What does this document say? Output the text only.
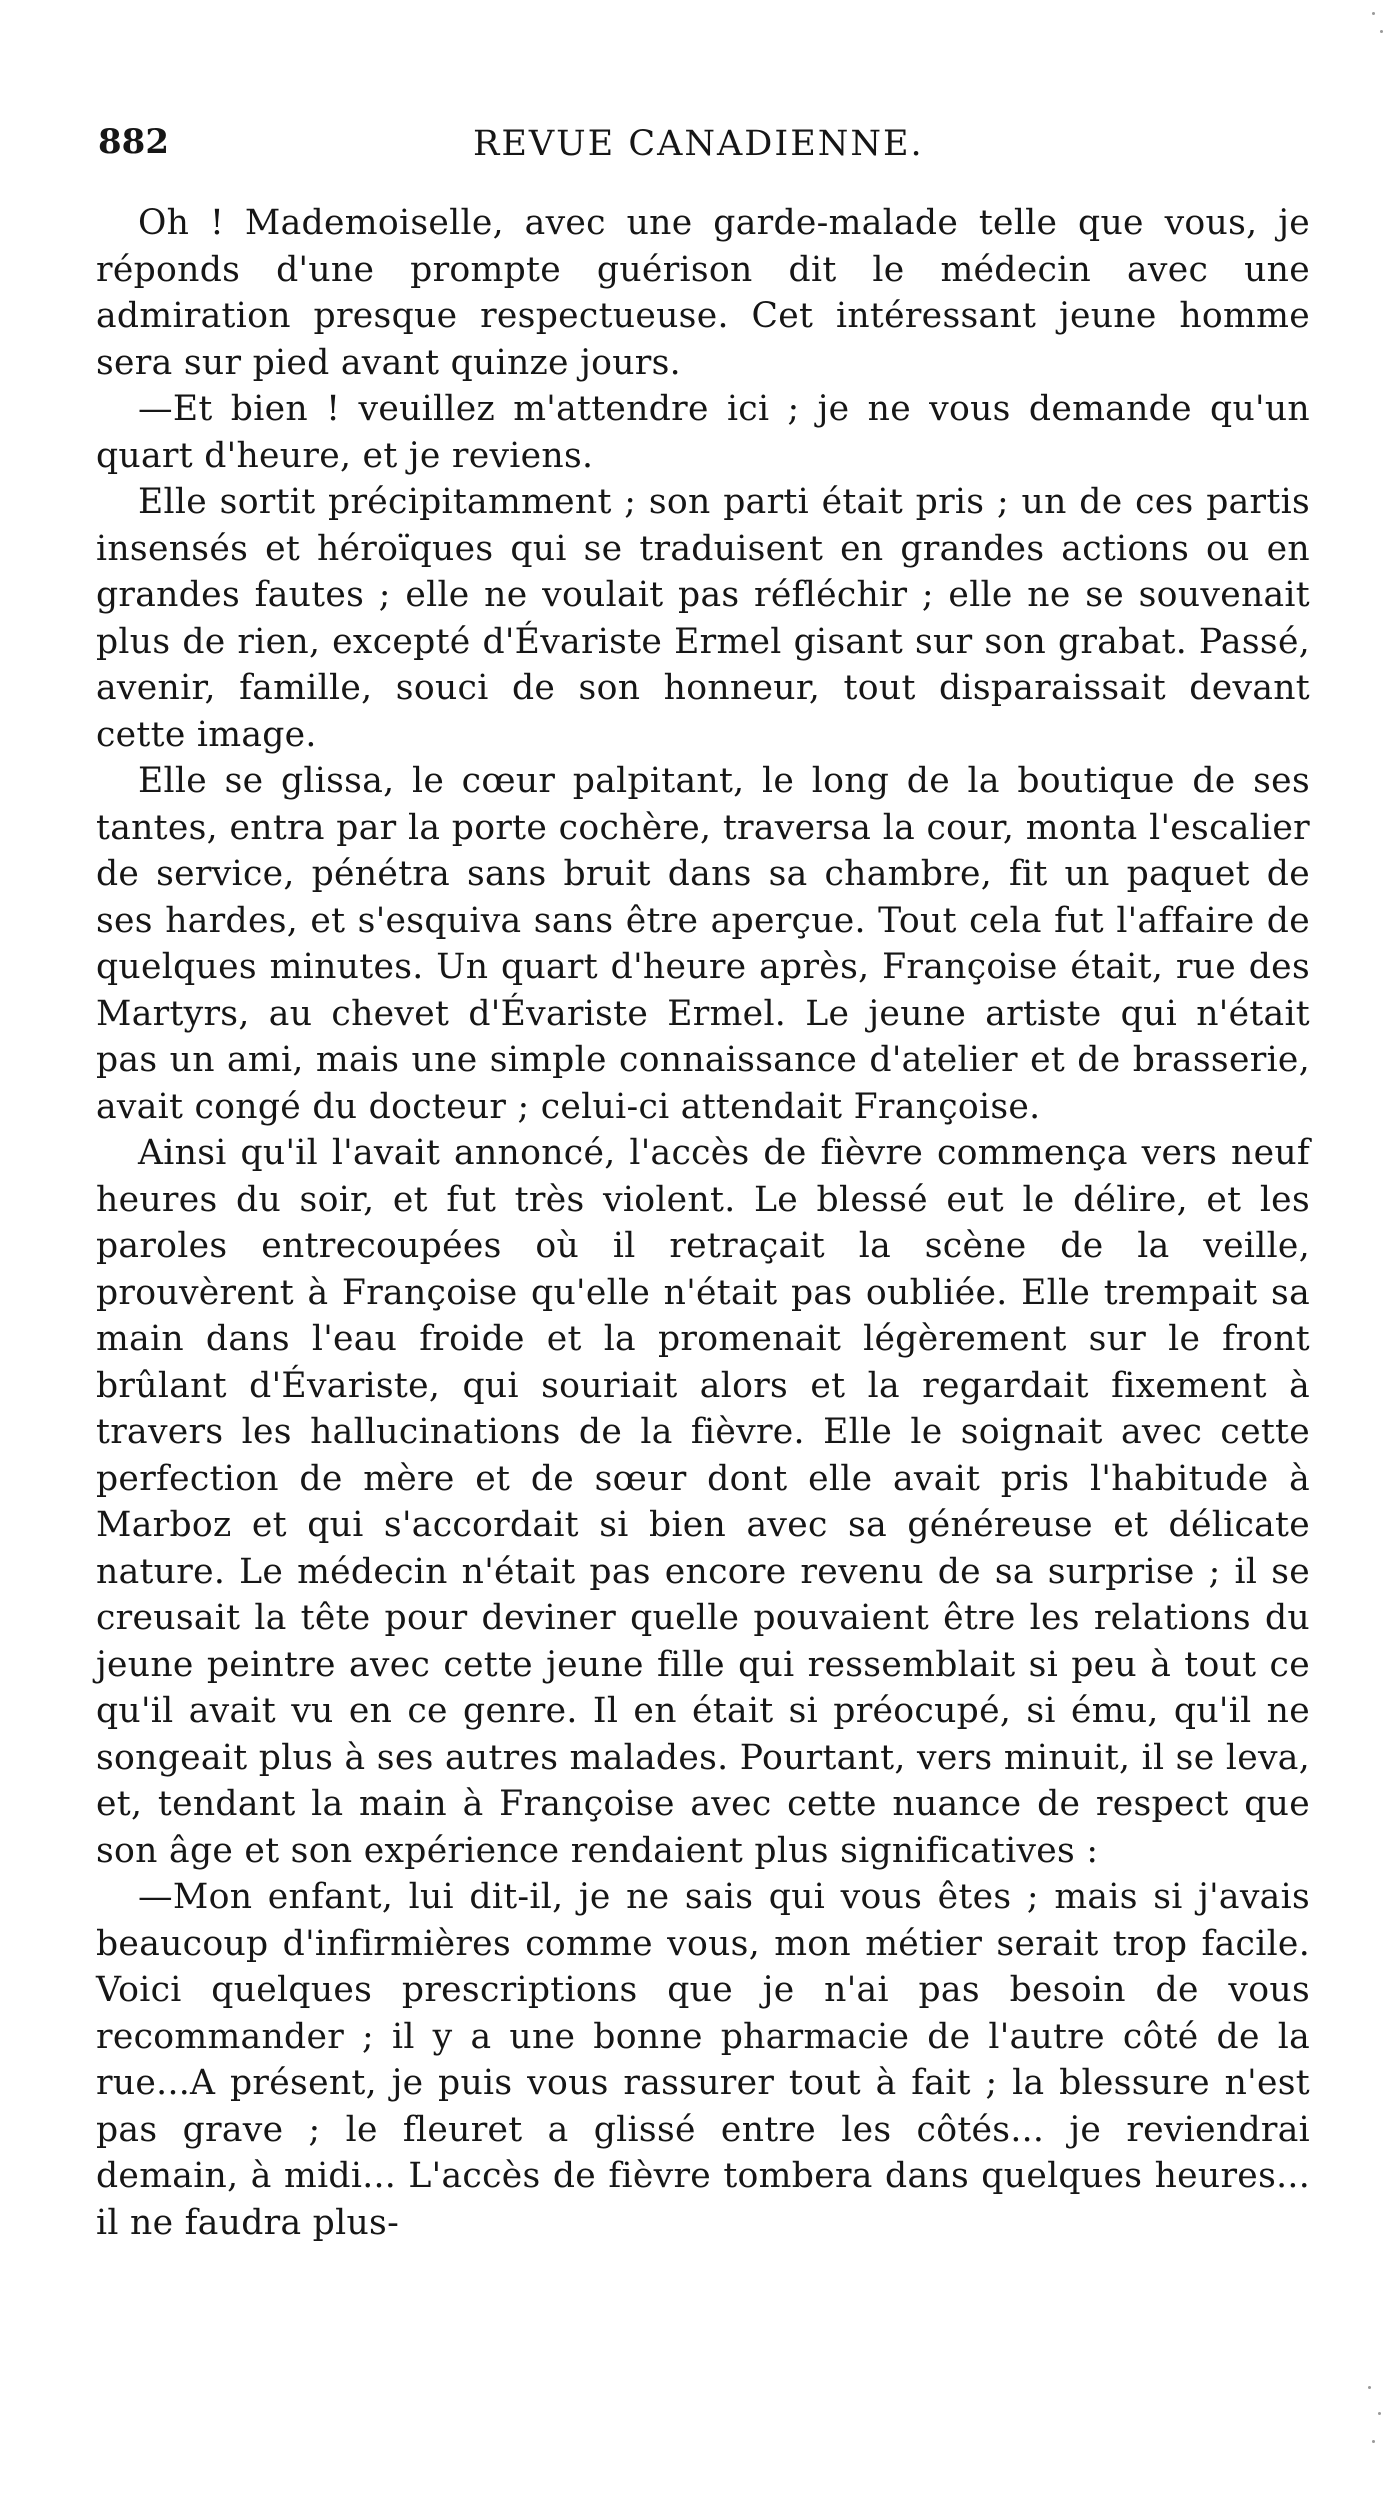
882	REVUE CANADIENNE.

Oh ! Mademoiselle, avec une garde-malade telle que vous, je réponds d'une prompte guérison dit le médecin avec une admiration presque respectueuse. Cet intéressant jeune homme sera sur pied avant quinze jours.

—Et bien ! veuillez m'attendre ici ; je ne vous demande qu'un quart d'heure, et je reviens.

Elle sortit précipitamment ; son parti était pris ; un de ces partis insensés et héroïques qui se traduisent en grandes actions ou en grandes fautes ; elle ne voulait pas réfléchir ; elle ne se souvenait plus de rien, excepté d'Évariste Ermel gisant sur son grabat. Passé, avenir, famille, souci de son honneur, tout disparaissait devant cette image.

Elle se glissa, le cœur palpitant, le long de la boutique de ses tantes, entra par la porte cochère, traversa la cour, monta l'escalier de service, pénétra sans bruit dans sa chambre, fit un paquet de ses hardes, et s'esquiva sans être aperçue. Tout cela fut l'affaire de quelques minutes. Un quart d'heure après, Françoise était, rue des Martyrs, au chevet d'Évariste Ermel. Le jeune artiste qui n'était pas un ami, mais une simple connaissance d'atelier et de brasserie, avait congé du docteur ; celui-ci attendait Françoise.

Ainsi qu'il l'avait annoncé, l'accès de fièvre commença vers neuf heures du soir, et fut très violent. Le blessé eut le délire, et les paroles entrecoupées où il retraçait la scène de la veille, prouvèrent à Françoise qu'elle n'était pas oubliée. Elle trempait sa main dans l'eau froide et la promenait légèrement sur le front brûlant d'Évariste, qui souriait alors et la regardait fixement à travers les hallucinations de la fièvre. Elle le soignait avec cette perfection de mère et de sœur dont elle avait pris l'habitude à Marboz et qui s'accordait si bien avec sa généreuse et délicate nature. Le médecin n'était pas encore revenu de sa surprise ; il se creusait la tête pour deviner quelle pouvaient être les relations du jeune peintre avec cette jeune fille qui ressemblait si peu à tout ce qu'il avait vu en ce genre. Il en était si préocupé, si ému, qu'il ne songeait plus à ses autres malades. Pourtant, vers minuit, il se leva, et, tendant la main à Françoise avec cette nuance de respect que son âge et son expérience rendaient plus significatives :

—Mon enfant, lui dit-il, je ne sais qui vous êtes ; mais si j'avais beaucoup d'infirmières comme vous, mon métier serait trop facile. Voici quelques prescriptions que je n'ai pas besoin de vous recommander ; il y a une bonne pharmacie de l'autre côté de la rue...A présent, je puis vous rassurer tout à fait ; la blessure n'est pas grave ; le fleuret a glissé entre les côtés... je reviendrai demain, à midi... L'accès de fièvre tombera dans quelques heures... il ne faudra plus-
